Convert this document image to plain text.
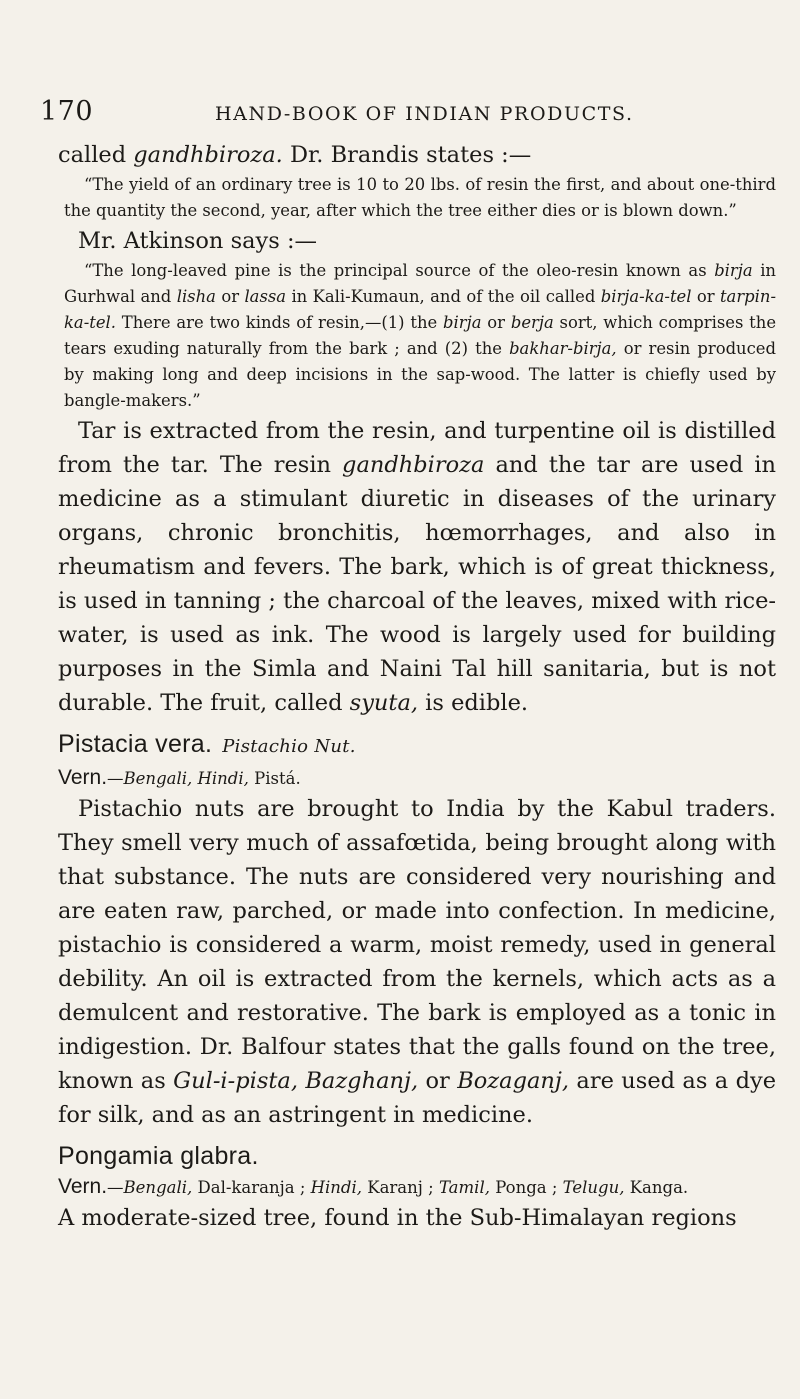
170	HAND-BOOK OF INDIAN PRODUCTS.

called gandhbiroza. Dr. Brandis states :—

“The yield of an ordinary tree is 10 to 20 lbs. of resin the first, and about one-third the quantity the second, year, after which the tree either dies or is blown down.”

Mr. Atkinson says :—

“The long-leaved pine is the principal source of the oleo-resin known as birja in Gurhwal and lisha or lassa in Kali-Kumaun, and of the oil called birja-ka-tel or tarpin-ka-tel. There are two kinds of resin,—(1) the birja or berja sort, which comprises the tears exuding naturally from the bark ; and (2) the bakhar-birja, or resin produced by making long and deep incisions in the sap-wood. The latter is chiefly used by bangle-makers.”

Tar is extracted from the resin, and turpentine oil is distilled from the tar. The resin gandhbiroza and the tar are used in medicine as a stimulant diuretic in diseases of the urinary organs, chronic bronchitis, hœmorrhages, and also in rheumatism and fevers. The bark, which is of great thickness, is used in tanning ; the charcoal of the leaves, mixed with rice-water, is used as ink. The wood is largely used for building purposes in the Simla and Naini Tal hill sanitaria, but is not durable. The fruit, called syuta, is edible.

Pistacia vera. Pistachio Nut.

Vern.—Bengali, Hindi, Pistá.

Pistachio nuts are brought to India by the Kabul traders. They smell very much of assafœtida, being brought along with that substance. The nuts are considered very nourishing and are eaten raw, parched, or made into confection. In medicine, pistachio is considered a warm, moist remedy, used in general debility. An oil is extracted from the kernels, which acts as a demulcent and restorative. The bark is employed as a tonic in indigestion. Dr. Balfour states that the galls found on the tree, known as Gul-i-pista, Bazghanj, or Bozaganj, are used as a dye for silk, and as an astringent in medicine.

Pongamia glabra.

Vern.—Bengali, Dal-karanja ; Hindi, Karanj ; Tamil, Ponga ; Telugu, Kanga.

A moderate-sized tree, found in the Sub-Himalayan regions
